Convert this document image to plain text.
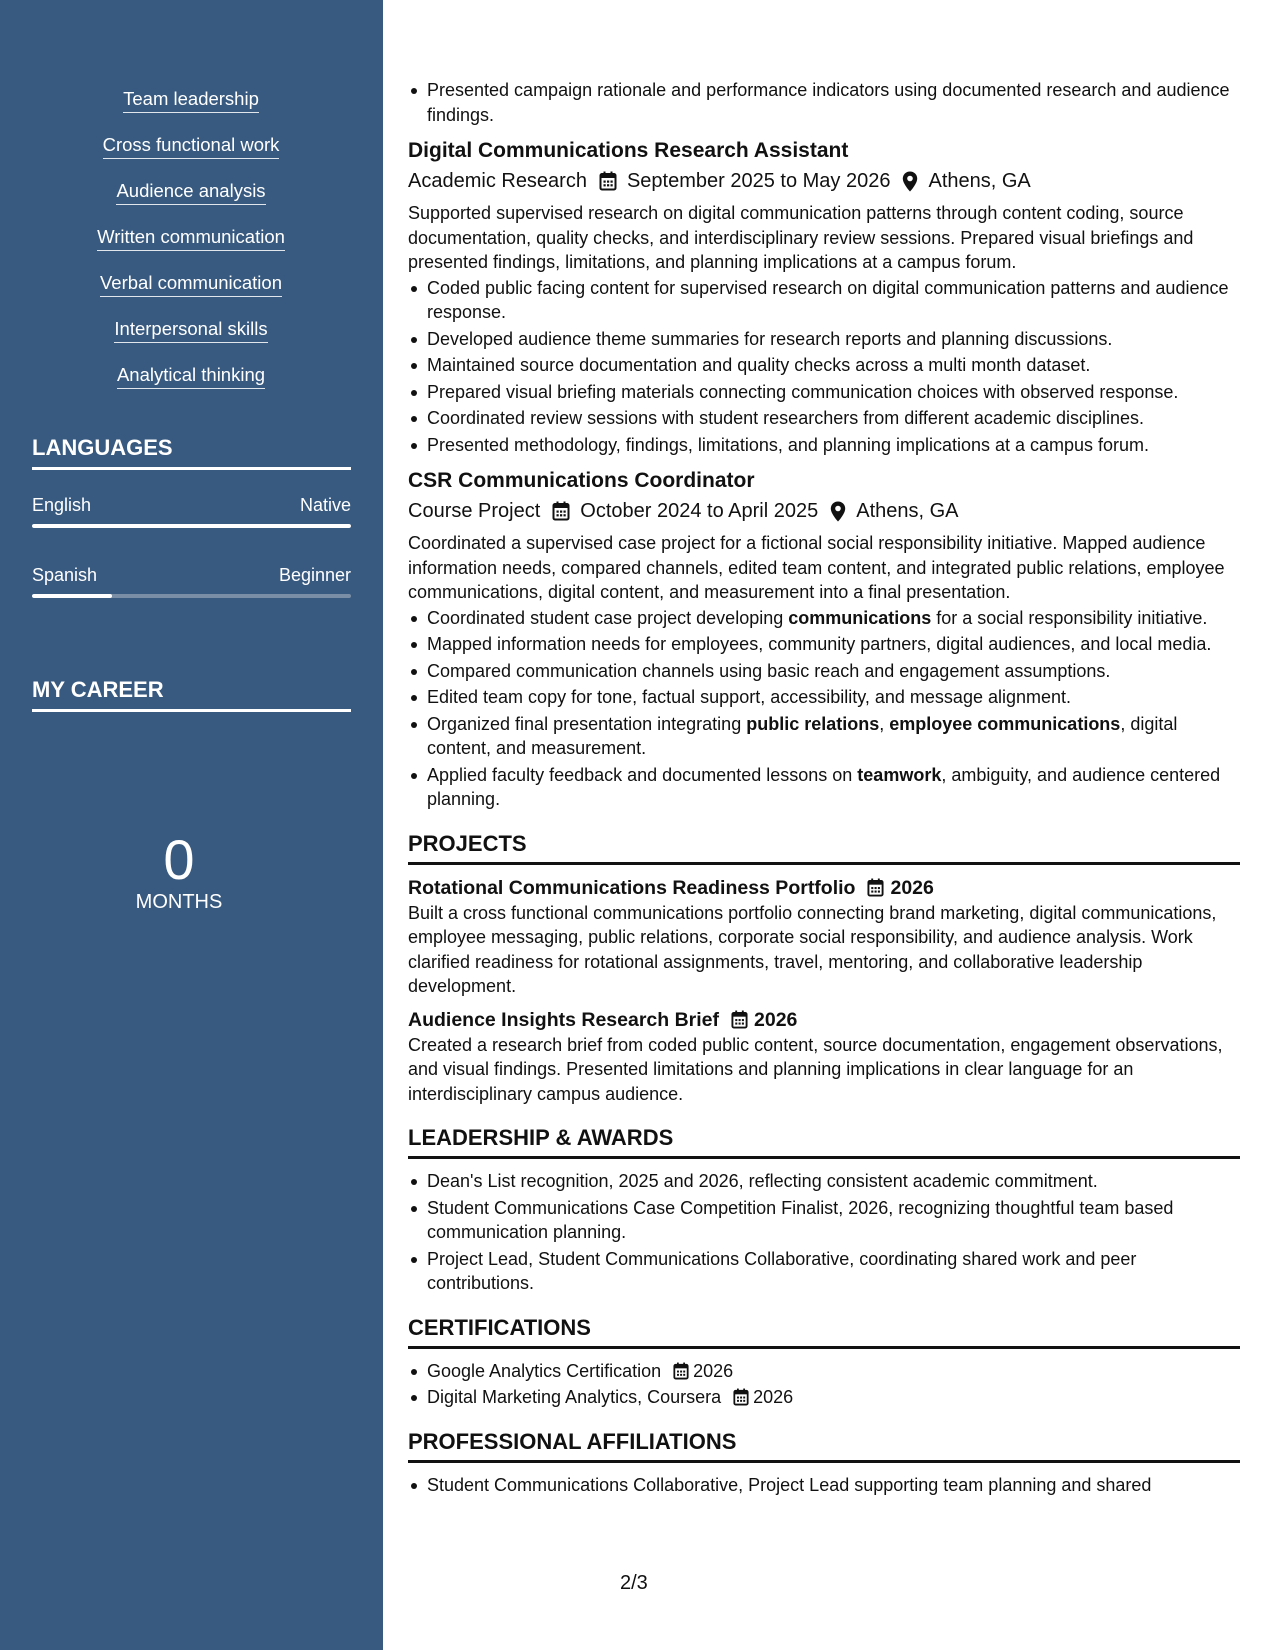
Team leadership
Cross functional work
Audience analysis
Written communication
Verbal communication
Interpersonal skills
Analytical thinking
LANGUAGES
English	Native
Spanish	Beginner
MY CAREER
0
MONTHS
Presented campaign rationale and performance indicators using documented research and audience findings.
Digital Communications Research Assistant
Academic Research September 2025 to May 2026 Athens, GA
Supported supervised research on digital communication patterns through content coding, source documentation, quality checks, and interdisciplinary review sessions. Prepared visual briefings and presented findings, limitations, and planning implications at a campus forum.
Coded public facing content for supervised research on digital communication patterns and audience response.
Developed audience theme summaries for research reports and planning discussions.
Maintained source documentation and quality checks across a multi month dataset.
Prepared visual briefing materials connecting communication choices with observed response.
Coordinated review sessions with student researchers from different academic disciplines.
Presented methodology, findings, limitations, and planning implications at a campus forum.
CSR Communications Coordinator
Course Project October 2024 to April 2025 Athens, GA
Coordinated a supervised case project for a fictional social responsibility initiative. Mapped audience information needs, compared channels, edited team content, and integrated public relations, employee communications, digital content, and measurement into a final presentation.
Coordinated student case project developing communications for a social responsibility initiative.
Mapped information needs for employees, community partners, digital audiences, and local media.
Compared communication channels using basic reach and engagement assumptions.
Edited team copy for tone, factual support, accessibility, and message alignment.
Organized final presentation integrating public relations, employee communications, digital content, and measurement.
Applied faculty feedback and documented lessons on teamwork, ambiguity, and audience centered planning.
PROJECTS
Rotational Communications Readiness Portfolio 2026
Built a cross functional communications portfolio connecting brand marketing, digital communications, employee messaging, public relations, corporate social responsibility, and audience analysis. Work clarified readiness for rotational assignments, travel, mentoring, and collaborative leadership development.
Audience Insights Research Brief 2026
Created a research brief from coded public content, source documentation, engagement observations, and visual findings. Presented limitations and planning implications in clear language for an interdisciplinary campus audience.
LEADERSHIP & AWARDS
Dean's List recognition, 2025 and 2026, reflecting consistent academic commitment.
Student Communications Case Competition Finalist, 2026, recognizing thoughtful team based communication planning.
Project Lead, Student Communications Collaborative, coordinating shared work and peer contributions.
CERTIFICATIONS
Google Analytics Certification 2026
Digital Marketing Analytics, Coursera 2026
PROFESSIONAL AFFILIATIONS
Student Communications Collaborative, Project Lead supporting team planning and shared
2/3
